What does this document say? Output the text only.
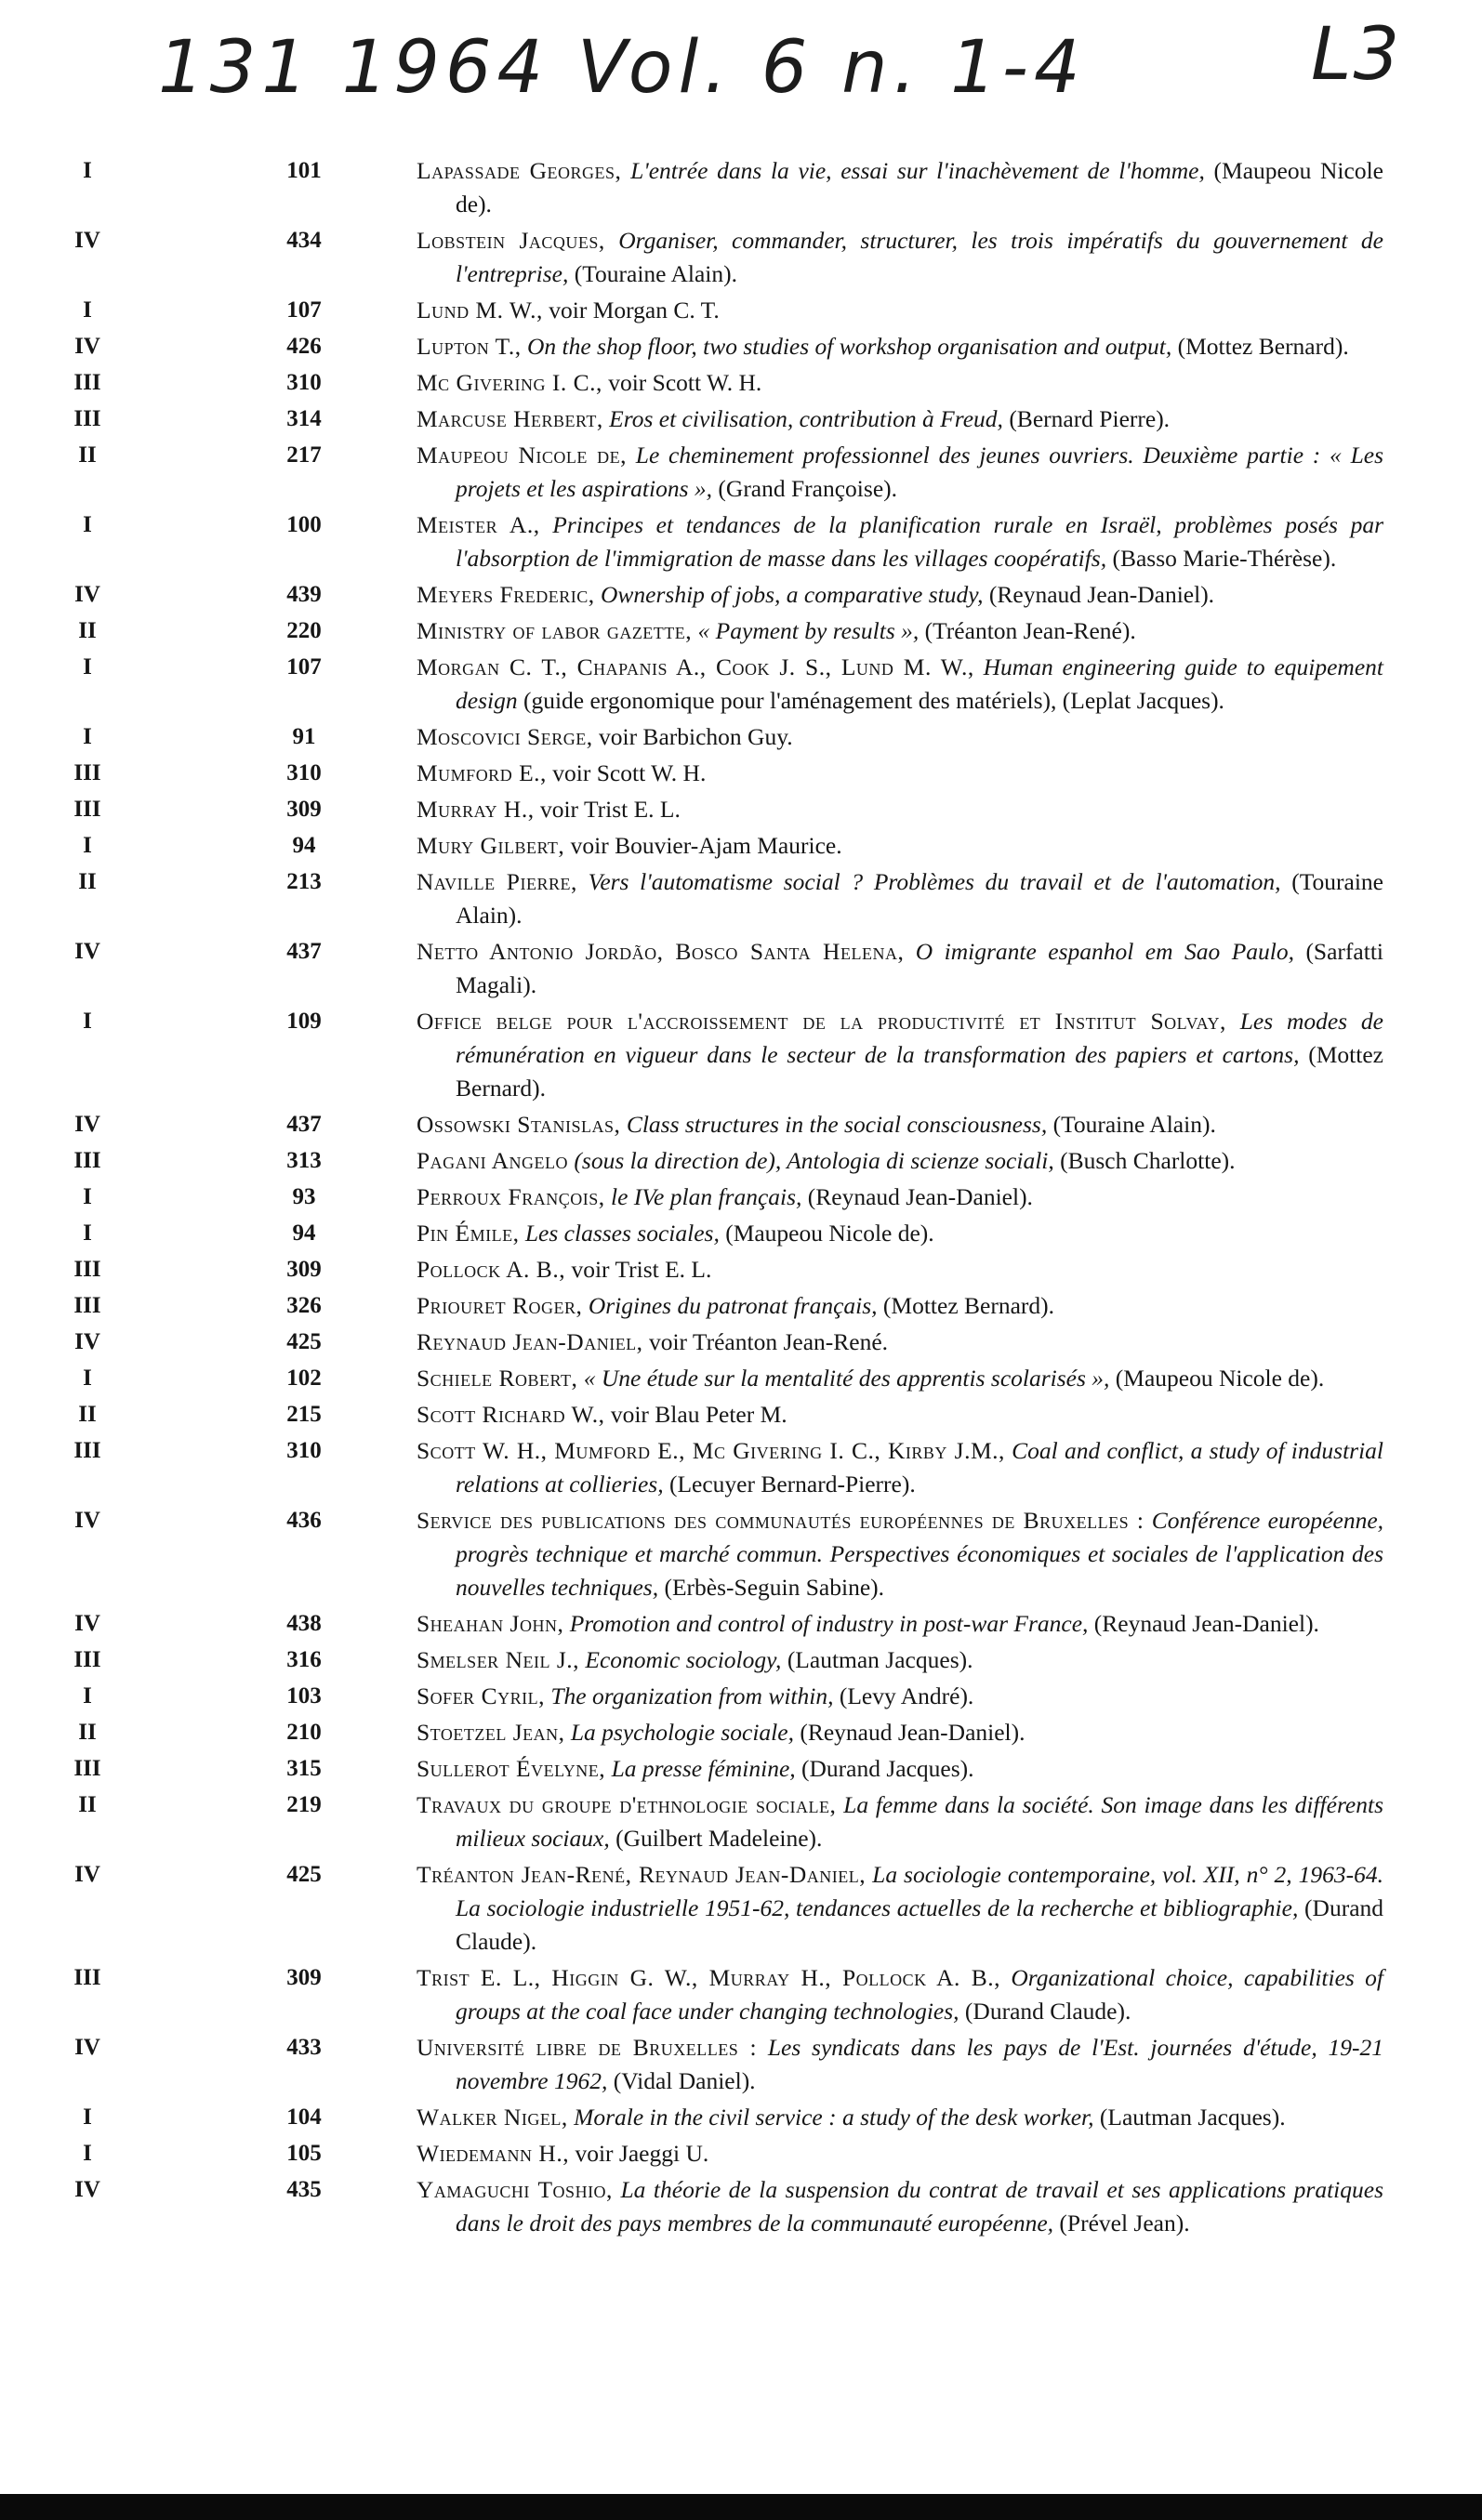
131 1964 Vol. 6 n. 1-4	L3
I	101	Lapassade Georges, L'entrée dans la vie, essai sur l'inachèvement de l'homme, (Maupeou Nicole de).
IV	434	Lobstein Jacques, Organiser, commander, structurer, les trois impératifs du gouvernement de l'entreprise, (Touraine Alain).
I	107	Lund M. W., voir Morgan C. T.
IV	426	Lupton T., On the shop floor, two studies of workshop organisation and output, (Mottez Bernard).
III	310	Mc Givering I. C., voir Scott W. H.
III	314	Marcuse Herbert, Eros et civilisation, contribution à Freud, (Bernard Pierre).
II	217	Maupeou Nicole de, Le cheminement professionnel des jeunes ouvriers. Deuxième partie : « Les projets et les aspirations », (Grand Françoise).
I	100	Meister A., Principes et tendances de la planification rurale en Israël, problèmes posés par l'absorption de l'immigration de masse dans les villages coopératifs, (Basso Marie-Thérèse).
IV	439	Meyers Frederic, Ownership of jobs, a comparative study, (Reynaud Jean-Daniel).
II	220	Ministry of labor gazette, « Payment by results », (Tréanton Jean-René).
I	107	Morgan C. T., Chapanis A., Cook J. S., Lund M. W., Human engineering guide to equipement design (guide ergonomique pour l'aménagement des matériels), (Leplat Jacques).
I	91	Moscovici Serge, voir Barbichon Guy.
III	310	Mumford E., voir Scott W. H.
III	309	Murray H., voir Trist E. L.
I	94	Mury Gilbert, voir Bouvier-Ajam Maurice.
II	213	Naville Pierre, Vers l'automatisme social ? Problèmes du travail et de l'automation, (Touraine Alain).
IV	437	Netto Antonio Jordão, Bosco Santa Helena, O imigrante espanhol em Sao Paulo, (Sarfatti Magali).
I	109	Office belge pour l'accroissement de la productivité et Institut Solvay, Les modes de rémunération en vigueur dans le secteur de la transformation des papiers et cartons, (Mottez Bernard).
IV	437	Ossowski Stanislas, Class structures in the social consciousness, (Touraine Alain).
III	313	Pagani Angelo (sous la direction de), Antologia di scienze sociali, (Busch Charlotte).
I	93	Perroux François, le IVe plan français, (Reynaud Jean-Daniel).
I	94	Pin Émile, Les classes sociales, (Maupeou Nicole de).
III	309	Pollock A. B., voir Trist E. L.
III	326	Priouret Roger, Origines du patronat français, (Mottez Bernard).
IV	425	Reynaud Jean-Daniel, voir Tréanton Jean-René.
I	102	Schiele Robert, « Une étude sur la mentalité des apprentis scolarisés », (Maupeou Nicole de).
II	215	Scott Richard W., voir Blau Peter M.
III	310	Scott W. H., Mumford E., Mc Givering I. C., Kirby J.M., Coal and conflict, a study of industrial relations at collieries, (Lecuyer Bernard-Pierre).
IV	436	Service des publications des communautés européennes de Bruxelles : Conférence européenne, progrès technique et marché commun. Perspectives économiques et sociales de l'application des nouvelles techniques, (Erbès-Seguin Sabine).
IV	438	Sheahan John, Promotion and control of industry in post-war France, (Reynaud Jean-Daniel).
III	316	Smelser Neil J., Economic sociology, (Lautman Jacques).
I	103	Sofer Cyril, The organization from within, (Levy André).
II	210	Stoetzel Jean, La psychologie sociale, (Reynaud Jean-Daniel).
III	315	Sullerot Évelyne, La presse féminine, (Durand Jacques).
II	219	Travaux du groupe d'ethnologie sociale, La femme dans la société. Son image dans les différents milieux sociaux, (Guilbert Madeleine).
IV	425	Tréanton Jean-René, Reynaud Jean-Daniel, La sociologie contemporaine, vol. XII, n° 2, 1963-64. La sociologie industrielle 1951-62, tendances actuelles de la recherche et bibliographie, (Durand Claude).
III	309	Trist E. L., Higgin G. W., Murray H., Pollock A. B., Organizational choice, capabilities of groups at the coal face under changing technologies, (Durand Claude).
IV	433	Université libre de Bruxelles : Les syndicats dans les pays de l'Est. journées d'étude, 19-21 novembre 1962, (Vidal Daniel).
I	104	Walker Nigel, Morale in the civil service : a study of the desk worker, (Lautman Jacques).
I	105	Wiedemann H., voir Jaeggi U.
IV	435	Yamaguchi Toshio, La théorie de la suspension du contrat de travail et ses applications pratiques dans le droit des pays membres de la communauté européenne, (Prével Jean).
